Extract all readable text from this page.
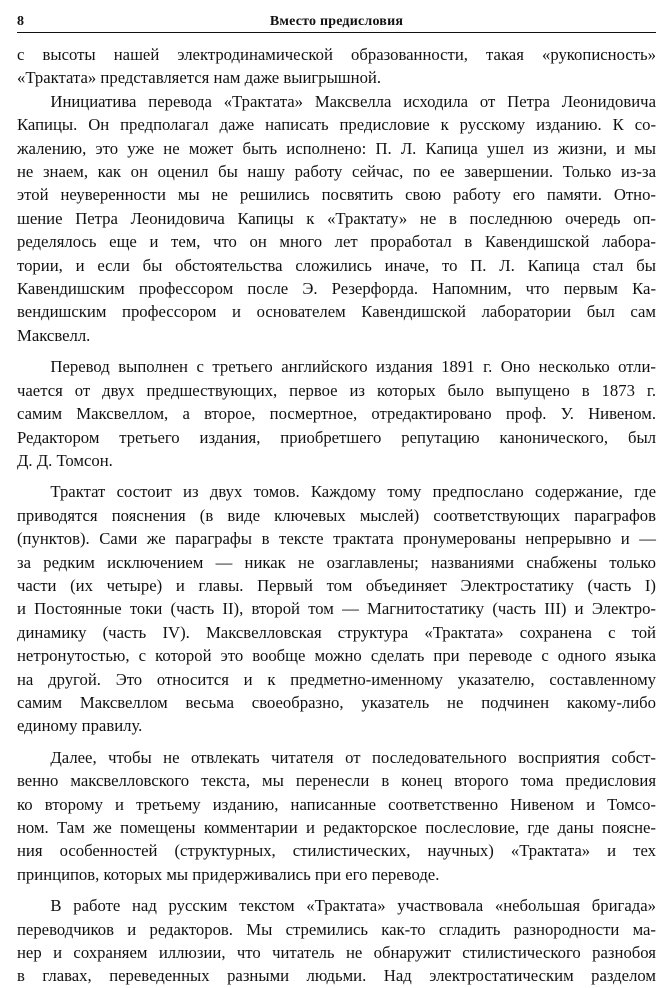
8	Вместо предисловия

с высоты нашей электродинамической образованности, такая «рукописность»

«Трактата» представляется нам даже выигрышной.

Инициатива перевода «Трактата» Максвелла исходила от Петра Леонидовича

Капицы. Он предполагал даже написать предисловие к русскому изданию. К со-

жалению, это уже не может быть исполнено: П. Л. Капица ушел из жизни, и мы

не знаем, как он оценил бы нашу работу сейчас, по ее завершении. Только из-за

этой неуверенности мы не решились посвятить свою работу его памяти. Отно-

шение Петра Леонидовича Капицы к «Трактату» не в последнюю очередь оп-

ределялось еще и тем, что он много лет проработал в Кавендишской лабора-

тории, и если бы обстоятельства сложились иначе, то П. Л. Капица стал бы

Кавендишским профессором после Э. Резерфорда. Напомним, что первым Ка-

вендишским профессором и основателем Кавендишской лаборатории был сам

Максвелл.

Перевод выполнен с третьего английского издания 1891 г. Оно несколько отли-

чается от двух предшествующих, первое из которых было выпущено в 1873 г.

самим Максвеллом, а второе, посмертное, отредактировано проф. У. Нивеном.

Редактором третьего издания, приобретшего репутацию канонического, был

Д. Д. Томсон.

Трактат состоит из двух томов. Каждому тому предпослано содержание, где

приводятся пояснения (в виде ключевых мыслей) соответствующих параграфов

(пунктов). Сами же параграфы в тексте трактата пронумерованы непрерывно и —

за редким исключением — никак не озаглавлены; названиями снабжены только

части (их четыре) и главы. Первый том объединяет Электростатику (часть I)

и Постоянные токи (часть II), второй том — Магнитостатику (часть III) и Электро-

динамику (часть IV). Максвелловская структура «Трактата» сохранена с той

нетронутостью, с которой это вообще можно сделать при переводе с одного языка

на другой. Это относится и к предметно-именному указателю, составленному

самим Максвеллом весьма своеобразно, указатель не подчинен какому-либо

единому правилу.

Далее, чтобы не отвлекать читателя от последовательного восприятия собст-

венно максвелловского текста, мы перенесли в конец второго тома предисловия

ко второму и третьему изданию, написанные соответственно Нивеном и Томсо-

ном. Там же помещены комментарии и редакторское послесловие, где даны поясне-

ния особенностей (структурных, стилистических, научных) «Трактата» и тех

принципов, которых мы придерживались при его переводе.

В работе над русским текстом «Трактата» участвовала «небольшая бригада»

переводчиков и редакторов. Мы стремились как-то сгладить разнородности ма-

нер и сохраняем иллюзии, что читатель не обнаружит стилистического разнобоя

в главах, переведенных разными людьми. Над электростатическим разделом
